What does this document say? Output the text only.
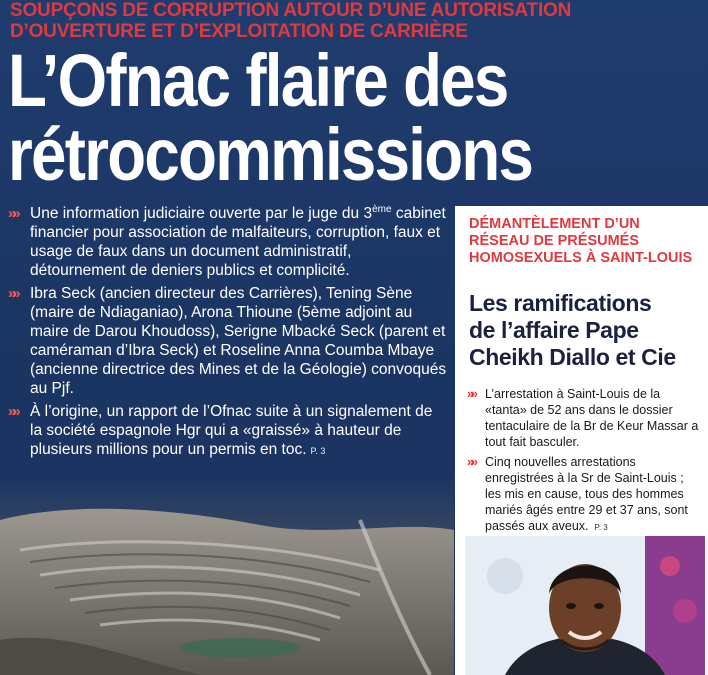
SOUPÇONS DE CORRUPTION AUTOUR D’UNE AUTORISATION
D’OUVERTURE ET D’EXPLOITATION DE CARRIÈRE
L’Ofnac flaire des
rétrocommissions
»» Une information judiciaire ouverte par le juge du 3ème cabinet financier pour association de malfaiteurs, corruption, faux et usage de faux dans un document administratif, détournement de deniers publics et complicité.

»» Ibra Seck (ancien directeur des Carrières), Tening Sène (maire de Ndiaganiao), Arona Thioune (5ème adjoint au maire de Darou Khoudoss), Serigne Mbacké Seck (parent et caméraman d’Ibra Seck) et Roseline Anna Coumba Mbaye (ancienne directrice des Mines et de la Géologie) convoqués au Pjf.

»» À l’origine, un rapport de l’Ofnac suite à un signalement de la société espagnole Hgr qui a «graissé» à hauteur de plusieurs millions pour un permis en toc. P. 3

DÉMANTÈLEMENT D’UN
RÉSEAU DE PRÉSUMÉS
HOMOSEXUELS À SAINT-LOUIS
Les ramifications
de l’affaire Pape
Cheikh Diallo et Cie
»» L’arrestation à Saint-Louis de la «tanta» de 52 ans dans le dossier tentaculaire de la Br de Keur Massar a tout fait basculer.
»» Cinq nouvelles arrestations enregistrées à la Sr de Saint-Louis ; les mis en cause, tous des hommes mariés âgés entre 29 et 37 ans, sont passés aux aveux. P. 3
